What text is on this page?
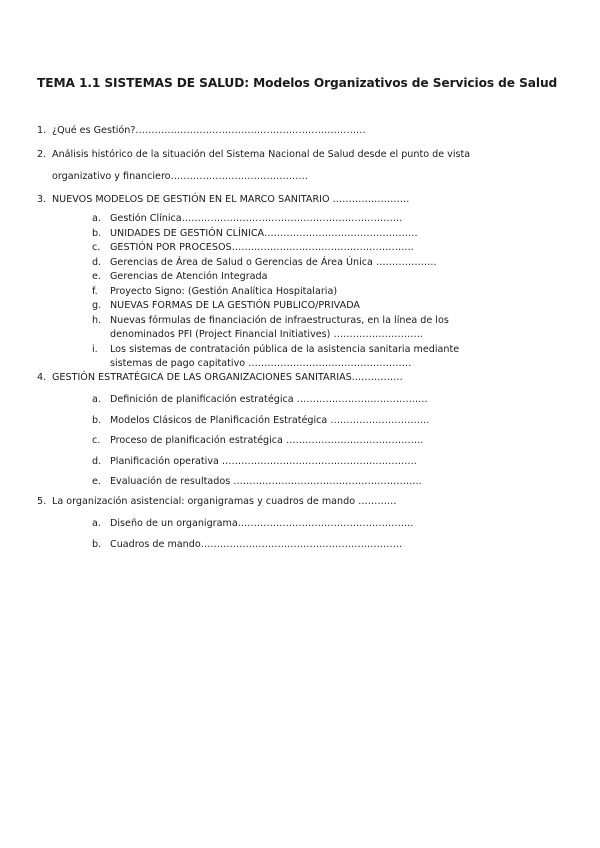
TEMA 1.1 SISTEMAS DE SALUD: Modelos Organizativos de Servicios de Salud
1. ¿Qué es Gestión?………………………………………………………………
2. Análisis histórico de la situación del Sistema Nacional de Salud desde el punto de vista
organizativo y financiero…………………………………….
3. NUEVOS MODELOS DE GESTIÓN EN EL MARCO SANITARIO ……………………
a. Gestión Clínica……………………………………………………………
b. UNIDADES DE GESTIÓN CLÍNICA…………………………………………
c. GESTIÓN POR PROCESOS…………………………………………………
d. Gerencias de Área de Salud o Gerencias de Área Única ……………….
e. Gerencias de Atención Integrada
f. Proyecto Signo: (Gestión Analítica Hospitalaria)
g. NUEVAS FORMAS DE LA GESTIÓN PUBLICO/PRIVADA
h. Nuevas fórmulas de financiación de infraestructuras, en la línea de los
denominados PFI (Project Financial Initiatives) ……………………….
i. Los sistemas de contratación pública de la asistencia sanitaria mediante
sistemas de pago capitativo ……………………………………………
4. GESTIÓN ESTRATÉGICA DE LAS ORGANIZACIONES SANITARIAS.……………
a. Definición de planificación estratégica …………………………………..
b. Modelos Clásicos de Planificación Estratégica ………………………….
c. Proceso de planificación estratégica …………………………………….
d. Planificación operativa …………………………………………………….
e. Evaluación de resultados …………………………………………………..
5. La organización asistencial: organigramas y cuadros de mando …………
a. Diseño de un organigrama……………………………………………….
b. Cuadros de mando………………………………………………………
